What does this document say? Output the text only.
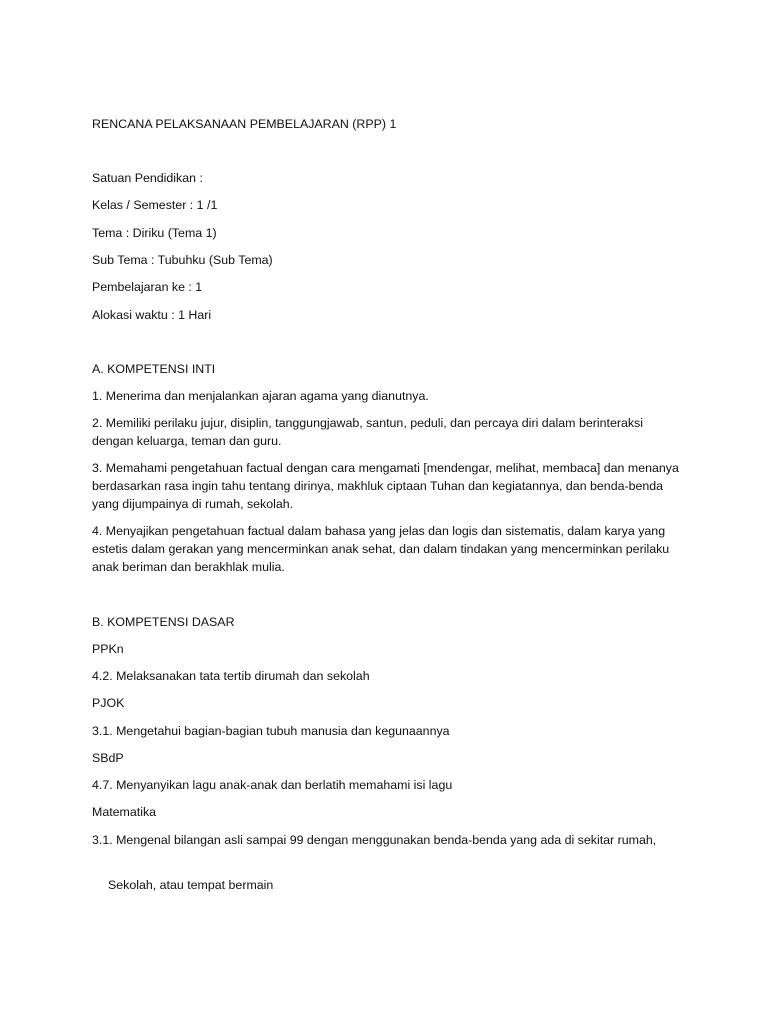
RENCANA PELAKSANAAN PEMBELAJARAN (RPP) 1
Satuan Pendidikan :
Kelas / Semester : 1 /1
Tema : Diriku (Tema 1)
Sub Tema : Tubuhku (Sub Tema)
Pembelajaran ke : 1
Alokasi waktu : 1 Hari
A. KOMPETENSI INTI
1. Menerima dan menjalankan ajaran agama yang dianutnya.
2. Memiliki perilaku jujur, disiplin, tanggungjawab, santun, peduli, dan percaya diri dalam berinteraksi dengan keluarga, teman dan guru.
3. Memahami pengetahuan factual dengan cara mengamati [mendengar, melihat, membaca] dan menanya berdasarkan rasa ingin tahu tentang dirinya, makhluk ciptaan Tuhan dan kegiatannya, dan benda-benda yang dijumpainya di rumah, sekolah.
4. Menyajikan pengetahuan factual dalam bahasa yang jelas dan logis dan sistematis, dalam karya yang estetis dalam gerakan yang mencerminkan anak sehat, dan dalam tindakan yang mencerminkan perilaku anak beriman dan berakhlak mulia.
B. KOMPETENSI DASAR
PPKn
4.2. Melaksanakan tata tertib dirumah dan sekolah
PJOK
3.1. Mengetahui bagian-bagian tubuh manusia dan kegunaannya
SBdP
4.7. Menyanyikan lagu anak-anak dan berlatih memahami isi lagu
Matematika
3.1. Mengenal bilangan asli sampai 99 dengan menggunakan benda-benda yang ada di sekitar rumah,
Sekolah, atau tempat bermain
